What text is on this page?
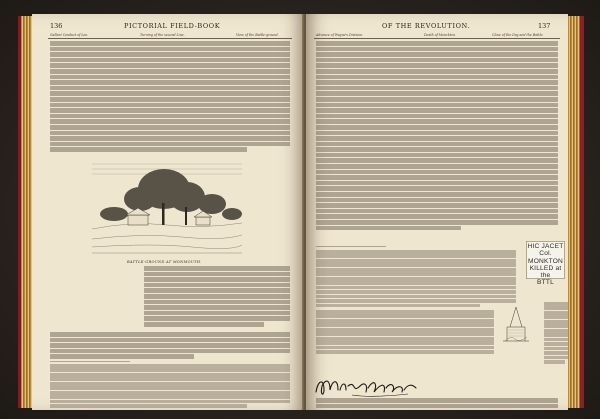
136	PICTORIAL FIELD-BOOK
Gallant Conduct of Lee.	Turning of the second Line.	View of the Battle-ground.
BATTLE-GROUND AT MONMOUTH.
OF THE REVOLUTION.	137
Advance of Wayne's Division.	Death of Monckton.	Close of the Day and the Battle.
HIC JACET
Col. MONKTON
KILLED at the
BTTL
